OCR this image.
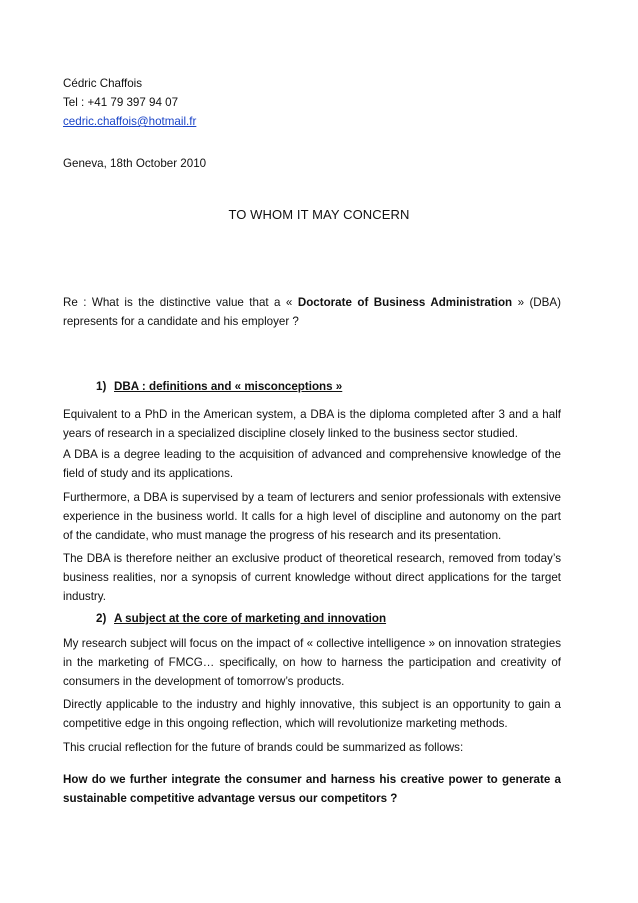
Cédric Chaffois
Tel : +41 79 397 94 07
cedric.chaffois@hotmail.fr
Geneva, 18th October 2010
TO WHOM IT MAY CONCERN

Re : What is the distinctive value that a « Doctorate of Business Administration » (DBA) represents for a candidate and his employer ?

1) DBA : definitions and « misconceptions »

Equivalent to a PhD in the American system, a DBA is the diploma completed after 3 and a half years of research in a specialized discipline closely linked to the business sector studied.

A DBA is a degree leading to the acquisition of advanced and comprehensive knowledge of the field of study and its applications.

Furthermore, a DBA is supervised by a team of lecturers and senior professionals with extensive experience in the business world. It calls for a high level of discipline and autonomy on the part of the candidate, who must manage the progress of his research and its presentation.

The DBA is therefore neither an exclusive product of theoretical research, removed from today’s business realities, nor a synopsis of current knowledge without direct applications for the target industry.

2) A subject at the core of marketing and innovation

My research subject will focus on the impact of « collective intelligence » on innovation strategies in the marketing of FMCG… specifically, on how to harness the participation and creativity of consumers in the development of tomorrow’s products.

Directly applicable to the industry and highly innovative, this subject is an opportunity to gain a competitive edge in this ongoing reflection, which will revolutionize marketing methods.

This crucial reflection for the future of brands could be summarized as follows:

How do we further integrate the consumer and harness his creative power to generate a sustainable competitive advantage versus our competitors ?
